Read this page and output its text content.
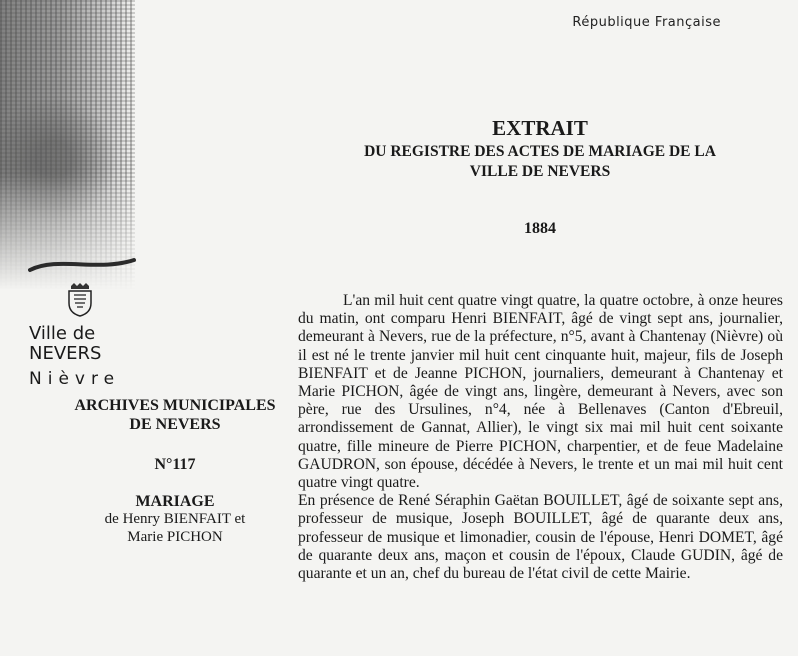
République Française
Ville de
NEVERS
Nièvre
ARCHIVES MUNICIPALES
DE NEVERS
N°117
MARIAGE
de Henry BIENFAIT et
Marie PICHON
EXTRAIT
DU REGISTRE DES ACTES DE MARIAGE DE LA
VILLE DE NEVERS
1884

L'an mil huit cent quatre vingt quatre, la quatre octobre, à onze heures du matin, ont comparu Henri BIENFAIT, âgé de vingt sept ans, journalier, demeurant à Nevers, rue de la préfecture, n°5, avant à Chantenay (Nièvre) où il est né le trente janvier mil huit cent cinquante huit, majeur, fils de Joseph BIENFAIT et de Jeanne PICHON, journaliers, demeurant à Chantenay et Marie PICHON, âgée de vingt ans, lingère, demeurant à Nevers, avec son père, rue des Ursulines, n°4, née à Bellenaves (Canton d'Ebreuil, arrondissement de Gannat, Allier), le vingt six mai mil huit cent soixante quatre, fille mineure de Pierre PICHON, charpentier, et de feue Madelaine GAUDRON, son épouse, décédée à Nevers, le trente et un mai mil huit cent quatre vingt quatre.

En présence de René Séraphin Gaëtan BOUILLET, âgé de soixante sept ans, professeur de musique, Joseph BOUILLET, âgé de quarante deux ans, professeur de musique et limonadier, cousin de l'épouse, Henri DOMET, âgé de quarante deux ans, maçon et cousin de l'époux, Claude GUDIN, âgé de quarante et un an, chef du bureau de l'état civil de cette Mairie.
